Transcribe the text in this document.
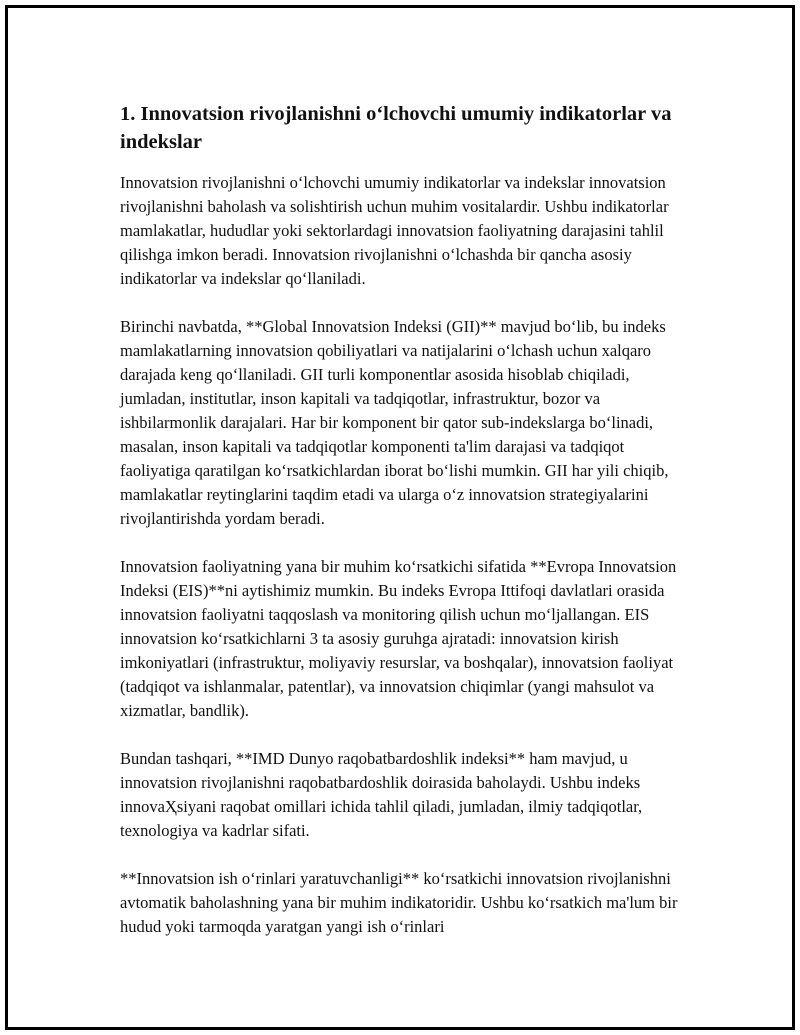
1. Innovatsion rivojlanishni oʻlchovchi umumiy indikatorlar va indekslar

Innovatsion rivojlanishni oʻlchovchi umumiy indikatorlar va indekslar innovatsion rivojlanishni baholash va solishtirish uchun muhim vositalardir. Ushbu indikatorlar mamlakatlar, hududlar yoki sektorlardagi innovatsion faoliyatning darajasini tahlil qilishga imkon beradi. Innovatsion rivojlanishni oʻlchashda bir qancha asosiy indikatorlar va indekslar qoʻllaniladi.

Birinchi navbatda, **Global Innovatsion Indeksi (GII)** mavjud boʻlib, bu indeks mamlakatlarning innovatsion qobiliyatlari va natijalarini oʻlchash uchun xalqaro darajada keng qoʻllaniladi. GII turli komponentlar asosida hisoblab chiqiladi, jumladan, institutlar, inson kapitali va tadqiqotlar, infrastruktur, bozor va ishbilarmonlik darajalari. Har bir komponent bir qator sub-indekslarga boʻlinadi, masalan, inson kapitali va tadqiqotlar komponenti ta'lim darajasi va tadqiqot faoliyatiga qaratilgan koʻrsatkichlardan iborat boʻlishi mumkin. GII har yili chiqib, mamlakatlar reytinglarini taqdim etadi va ularga oʻz innovatsion strategiyalarini rivojlantirishda yordam beradi.

Innovatsion faoliyatning yana bir muhim koʻrsatkichi sifatida **Evropa Innovatsion Indeksi (EIS)**ni aytishimiz mumkin. Bu indeks Evropa Ittifoqi davlatlari orasida innovatsion faoliyatni taqqoslash va monitoring qilish uchun moʻljallangan. EIS innovatsion koʻrsatkichlarni 3 ta asosiy guruhga ajratadi: innovatsion kirish imkoniyatlari (infrastruktur, moliyaviy resurslar, va boshqalar), innovatsion faoliyat (tadqiqot va ishlanmalar, patentlar), va innovatsion chiqimlar (yangi mahsulot va xizmatlar, bandlik).

Bundan tashqari, **IMD Dunyo raqobatbardoshlik indeksi** ham mavjud, u innovatsion rivojlanishni raqobatbardoshlik doirasida baholaydi. Ushbu indeks innovaҲsiyani raqobat omillari ichida tahlil qiladi, jumladan, ilmiy tadqiqotlar, texnologiya va kadrlar sifati.

**Innovatsion ish oʻrinlari yaratuvchanligi** koʻrsatkichi innovatsion rivojlanishni avtomatik baholashning yana bir muhim indikatoridir. Ushbu koʻrsatkich ma'lum bir hudud yoki tarmoqda yaratgan yangi ish oʻrinlari
